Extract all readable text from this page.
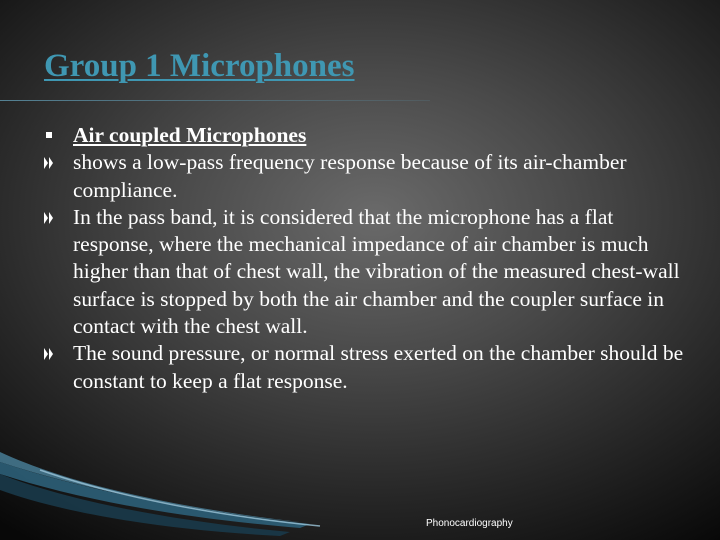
Group 1 Microphones
Air coupled Microphones
shows a low-pass frequency response because of its air-chamber compliance.
In the pass band, it is considered that the microphone has a flat response, where the mechanical impedance of air chamber is much higher than that of chest wall, the vibration of the measured chest-wall surface is stopped by both the air chamber and the coupler surface in contact with the chest wall.
The sound pressure, or normal stress exerted on the chamber should be constant to keep a flat response.
Phonocardiography
